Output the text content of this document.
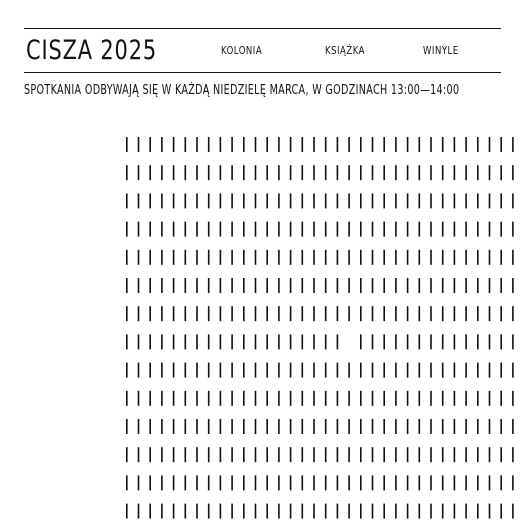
CISZA 2025	KOLONIA	KSIĄŻKA	WINYLE
SPOTKANIA ODBYWAJĄ SIĘ W KAŻDĄ NIEDZIELĘ MARCA, W GODZINACH 13:00—14:00
